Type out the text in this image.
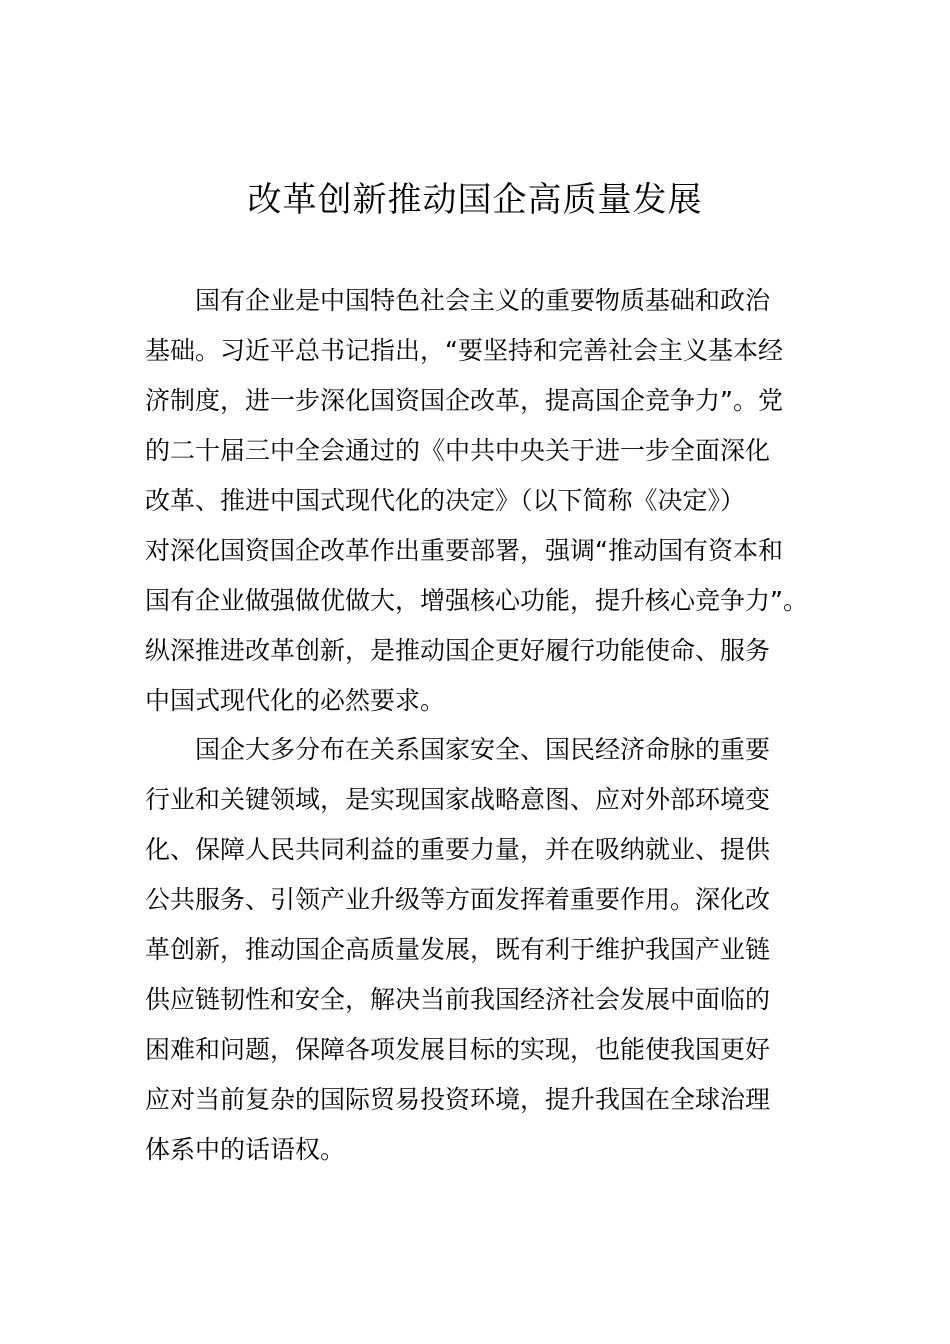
改革创新推动国企高质量发展
国有企业是中国特色社会主义的重要物质基础和政治
基础。习近平总书记指出，“要坚持和完善社会主义基本经
济制度，进一步深化国资国企改革，提高国企竞争力”。党
的二十届三中全会通过的《中共中央关于进一步全面深化
改革、推进中国式现代化的决定》（以下简称《决定》）
对深化国资国企改革作出重要部署，强调“推动国有资本和
国有企业做强做优做大，增强核心功能，提升核心竞争力”。
纵深推进改革创新，是推动国企更好履行功能使命、服务
中国式现代化的必然要求。
国企大多分布在关系国家安全、国民经济命脉的重要
行业和关键领域，是实现国家战略意图、应对外部环境变
化、保障人民共同利益的重要力量，并在吸纳就业、提供
公共服务、引领产业升级等方面发挥着重要作用。深化改
革创新，推动国企高质量发展，既有利于维护我国产业链
供应链韧性和安全，解决当前我国经济社会发展中面临的
困难和问题，保障各项发展目标的实现，也能使我国更好
应对当前复杂的国际贸易投资环境，提升我国在全球治理
体系中的话语权。
